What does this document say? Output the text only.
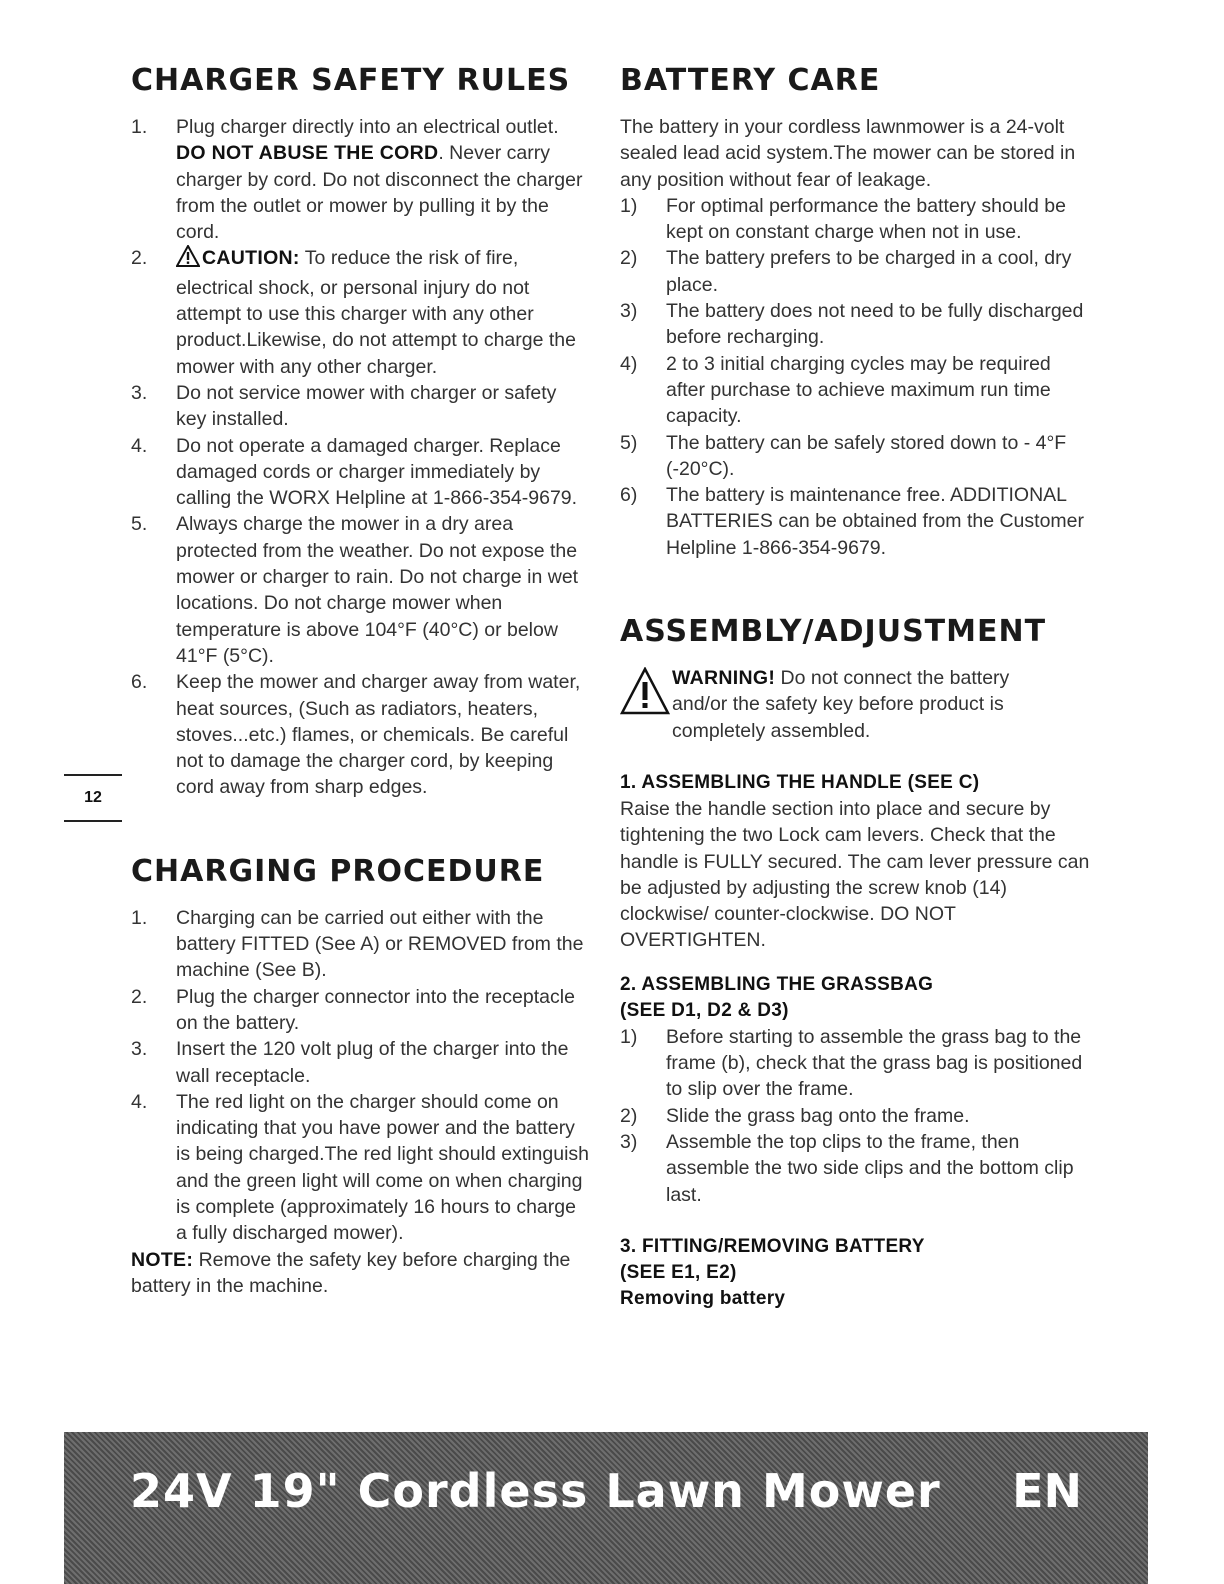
CHARGER SAFETY RULES
1. Plug charger directly into an electrical outlet. DO NOT ABUSE THE CORD. Never carry charger by cord. Do not disconnect the charger from the outlet or mower by pulling it by the cord.
2.	CAUTION: To reduce the risk of fire, electrical shock, or personal injury do not attempt to use this charger with any other product.Likewise, do not attempt to charge the mower with any other charger.
3. Do not service mower with charger or safety key installed.
4. Do not operate a damaged charger. Replace damaged cords or charger immediately by calling the WORX Helpline at 1-866-354-9679.
5. Always charge the mower in a dry area protected from the weather. Do not expose the mower or charger to rain. Do not charge in wet locations. Do not charge mower when temperature is above 104°F (40°C) or below 41°F (5°C).
6. Keep the mower and charger away from water, heat sources, (Such as radiators, heaters, stoves...etc.) flames, or chemicals. Be careful not to damage the charger cord, by keeping cord away from sharp edges.
CHARGING PROCEDURE
1. Charging can be carried out either with the battery FITTED (See A) or REMOVED from the machine (See B).
2. Plug the charger connector into the receptacle on the battery.
3. Insert the 120 volt plug of the charger into the wall receptacle.
4. The red light on the charger should come on indicating that you have power and the battery is being charged.The red light should extinguish and the green light will come on when charging is complete (approximately 16 hours to charge a fully discharged mower).

NOTE: Remove the safety key before charging the battery in the machine.

BATTERY CARE

The battery in your cordless lawnmower is a 24-volt sealed lead acid system.The mower can be stored in any position without fear of leakage.

1) For optimal performance the battery should be kept on constant charge when not in use.
2) The battery prefers to be charged in a cool, dry place.
3) The battery does not need to be fully discharged before recharging.
4) 2 to 3 initial charging cycles may be required after purchase to achieve maximum run time capacity.
5) The battery can be safely stored down to - 4°F (-20°C).
6) The battery is maintenance free. ADDITIONAL BATTERIES can be obtained from the Customer Helpline 1-866-354-9679.
ASSEMBLY/ADJUSTMENT

WARNING! Do not connect the battery

and/or the safety key before product is completely assembled.

1. ASSEMBLING THE HANDLE (SEE C)

Raise the handle section into place and secure by tightening the two Lock cam levers. Check that the handle is FULLY secured. The cam lever pressure can be adjusted by adjusting the screw knob (14) clockwise/ counter-clockwise. DO NOT OVERTIGHTEN.

2. ASSEMBLING THE GRASSBAG
(SEE D1, D2 & D3)
1) Before starting to assemble the grass bag to the frame (b), check that the grass bag is positioned to slip over the frame.
2) Slide the grass bag onto the frame.
3) Assemble the top clips to the frame, then assemble the two side clips and the bottom clip last.
3. FITTING/REMOVING BATTERY
(SEE E1, E2)
Removing battery
12
24V 19" Cordless Lawn Mower EN
